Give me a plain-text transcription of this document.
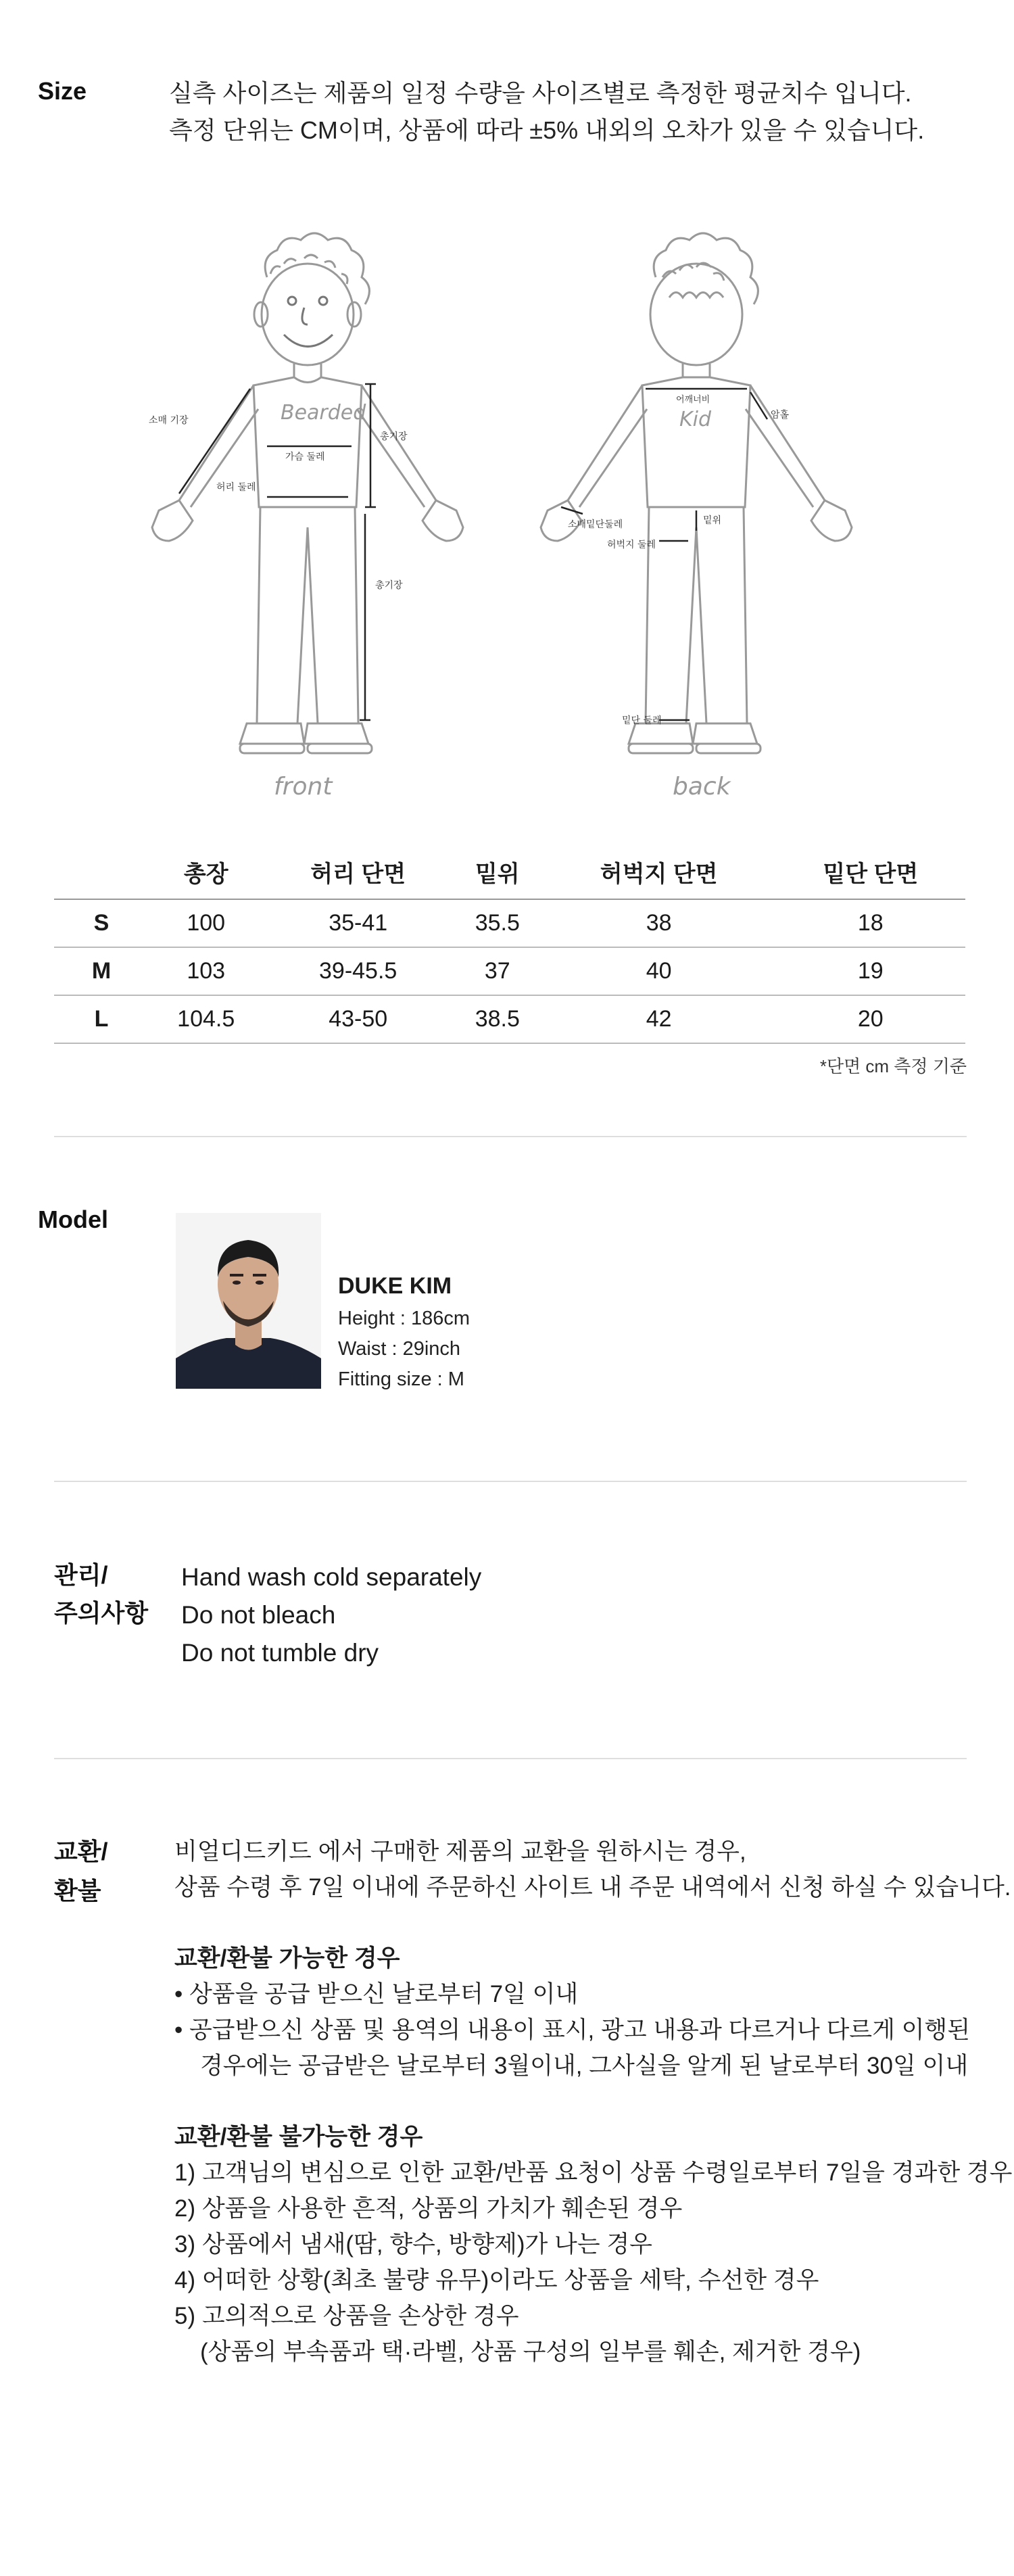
Size	실측 사이즈는 제품의 일정 수량을 사이즈별로 측정한 평균치수 입니다.
측정 단위는 CM이며, 상품에 따라 ±5% 내외의 오차가 있을 수 있습니다.
Bearded
소매 기장
가슴 둘레
허리 둘레
총기장
총기장
front
Kid
어깨너비
암홀
소매밑단둘레
허벅지 둘레
밑위
밑단 둘레
back
	총장	허리 단면	밑위	허벅지 단면	밑단 단면
S	100	35-41	35.5	38	18
M	103	39-45.5	37	40	19
L	104.5	43-50	38.5	42	20
*단면 cm 측정 기준
Model
DUKE KIM
Height : 186cm
Waist : 29inch
Fitting size : M
관리/
주의사항
Hand wash cold separately
Do not bleach
Do not tumble dry
교환/
환불
비얼디드키드 에서 구매한 제품의 교환을 원하시는 경우,
상품 수령 후 7일 이내에 주문하신 사이트 내 주문 내역에서 신청 하실 수 있습니다.
교환/환불 가능한 경우
• 상품을 공급 받으신 날로부터 7일 이내
• 공급받으신 상품 및 용역의 내용이 표시, 광고 내용과 다르거나 다르게 이행된
경우에는 공급받은 날로부터 3월이내, 그사실을 알게 된 날로부터 30일 이내
교환/환불 불가능한 경우
1) 고객님의 변심으로 인한 교환/반품 요청이 상품 수령일로부터 7일을 경과한 경우
2) 상품을 사용한 흔적, 상품의 가치가 훼손된 경우
3) 상품에서 냄새(땀, 향수, 방향제)가 나는 경우
4) 어떠한 상황(최초 불량 유무)이라도 상품을 세탁, 수선한 경우
5) 고의적으로 상품을 손상한 경우
(상품의 부속품과 택·라벨, 상품 구성의 일부를 훼손, 제거한 경우)
